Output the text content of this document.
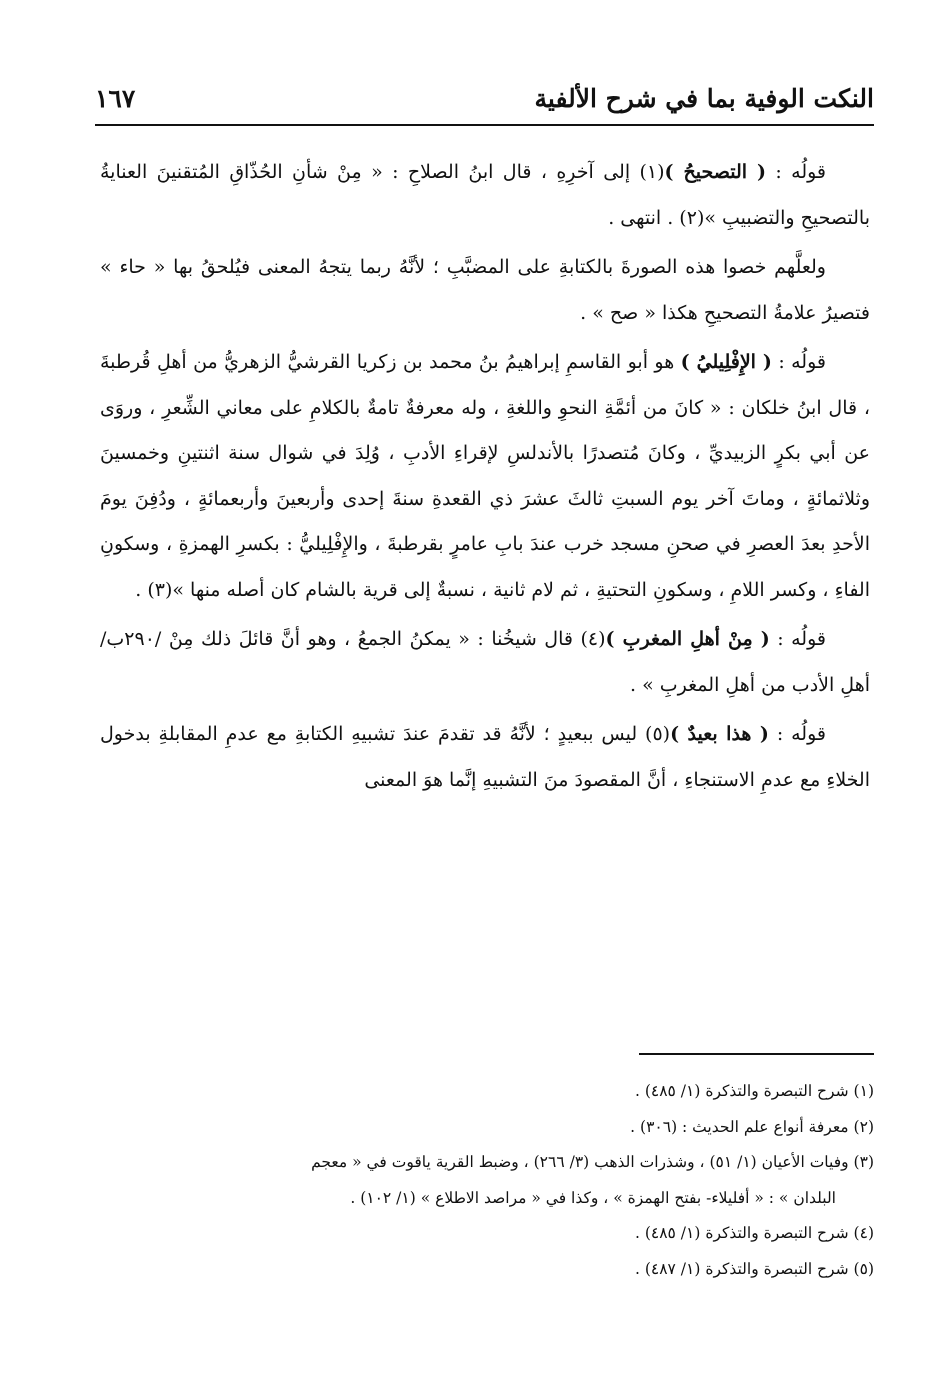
النكت الوفية بما في شرح الألفية
١٦٧

قولُه : ( التصحيحُ )(١) إلى آخرِهِ ، قال ابنُ الصلاحِ : « مِنْ شأنِ الحُذّاقِ المُتقنينَ العنايةُ بالتصحيحِ والتضبيبِ »(٢) . انتهى .

ولعلَّهم خصوا هذه الصورةَ بالكتابةِ على المضبَّبِ ؛ لأنَّهُ ربما يتجهُ المعنى فيُلحقُ بها « حاء » فتصيرُ علامةُ التصحيحِ هكذا « صح » .

قولُه : ( الإِفْلِيليُ ) هو أبو القاسمِ إبراهيمُ بنُ محمد بن زكريا القرشيُّ الزهريُّ من أهلِ قُرطبةَ ، قال ابنُ خلكان : « كانَ من أئمَّةِ النحوِ واللغةِ ، وله معرفةٌ تامةٌ بالكلامِ على معاني الشِّعرِ ، وروَى عن أبي بكرٍ الزبيديِّ ، وكانَ مُتصدرًا بالأندلسِ لإقراءِ الأدبِ ، وُلِدَ في شوال سنة اثنتينِ وخمسينَ وثلاثمائةٍ ، وماتَ آخر يوم السبتِ ثالثَ عشرَ ذي القعدةِ سنةَ إحدى وأربعينَ وأربعمائةٍ ، ودُفِنَ يومَ الأحدِ بعدَ العصرِ في صحنِ مسجد خرب عندَ بابِ عامرٍ بقرطبةَ ، والإِفْلِيليُّ : بكسرِ الهمزةِ ، وسكونِ الفاءِ ، وكسر اللامِ ، وسكونِ التحتيةِ ، ثم لام ثانية ، نسبةٌ إلى قرية بالشام كان أصله منها »(٣) .

قولُه : ( مِنْ أهلِ المغربِ )(٤) قال شيخُنا : « يمكنُ الجمعُ ، وهو أنَّ قائلَ ذلك مِنْ /٢٩٠ب/ أهلِ الأدب من أهلِ المغربِ » .

قولُه : ( هذا بعيدٌ )(٥) ليس ببعيدٍ ؛ لأنَّهُ قد تقدمَ عندَ تشبيهِ الكتابةِ مع عدمِ المقابلةِ بدخول الخلاءِ مع عدمِ الاستنجاءِ ، أنَّ المقصودَ منَ التشبيهِ إنَّما هوَ المعنى

(١) شرح التبصرة والتذكرة (١/ ٤٨٥) .

(٢) معرفة أنواع علم الحديث : (٣٠٦) .

(٣) وفيات الأعيان (١/ ٥١) ، وشذرات الذهب (٣/ ٢٦٦) ، وضبط القرية ياقوت في « معجم
البلدان » : « أفليلاء- بفتح الهمزة » ، وكذا في « مراصد الاطلاع » (١/ ١٠٢) .

(٤) شرح التبصرة والتذكرة (١/ ٤٨٥) .

(٥) شرح التبصرة والتذكرة (١/ ٤٨٧) .
